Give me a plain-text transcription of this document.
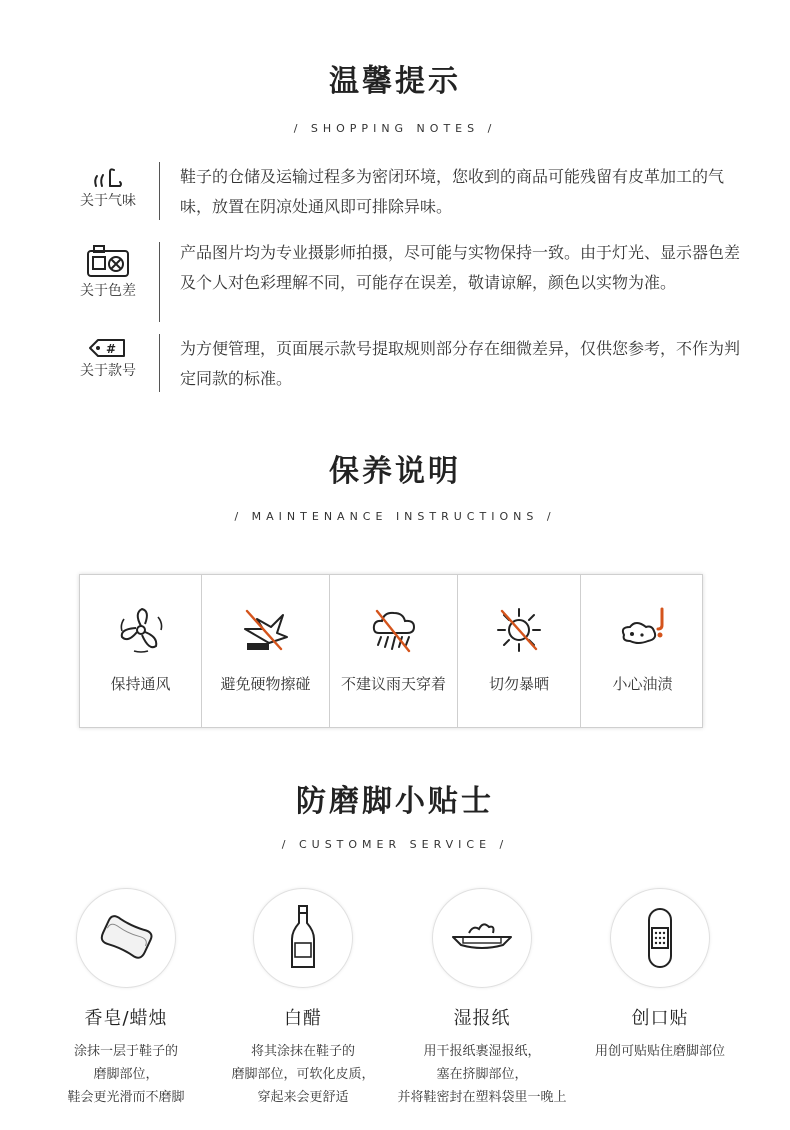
温馨提示
/ SHOPPING NOTES /
关于气味
鞋子的仓储及运输过程多为密闭环境，您收到的商品可能残留有皮革加工的气味，放置在阴凉处通风即可排除异味。
关于色差
产品图片均为专业摄影师拍摄，尽可能与实物保持一致。由于灯光、显示器色差及个人对色彩理解不同，可能存在误差，敬请谅解，颜色以实物为准。
#
关于款号
为方便管理，页面展示款号提取规则部分存在细微差异，仅供您参考，不作为判定同款的标准。
保养说明
/ MAINTENANCE INSTRUCTIONS /
保持通风	避免硬物擦碰	不建议雨天穿着	切勿暴晒	小心油渍
防磨脚小贴士
/ CUSTOMER SERVICE /
香皂/蜡烛
涂抹一层于鞋子的
磨脚部位，
鞋会更光滑而不磨脚
白醋
将其涂抹在鞋子的
磨脚部位，可软化皮质，
穿起来会更舒适
湿报纸
用干报纸裹湿报纸，
塞在挤脚部位，
并将鞋密封在塑料袋里一晚上
创口贴
用创可贴贴住磨脚部位
